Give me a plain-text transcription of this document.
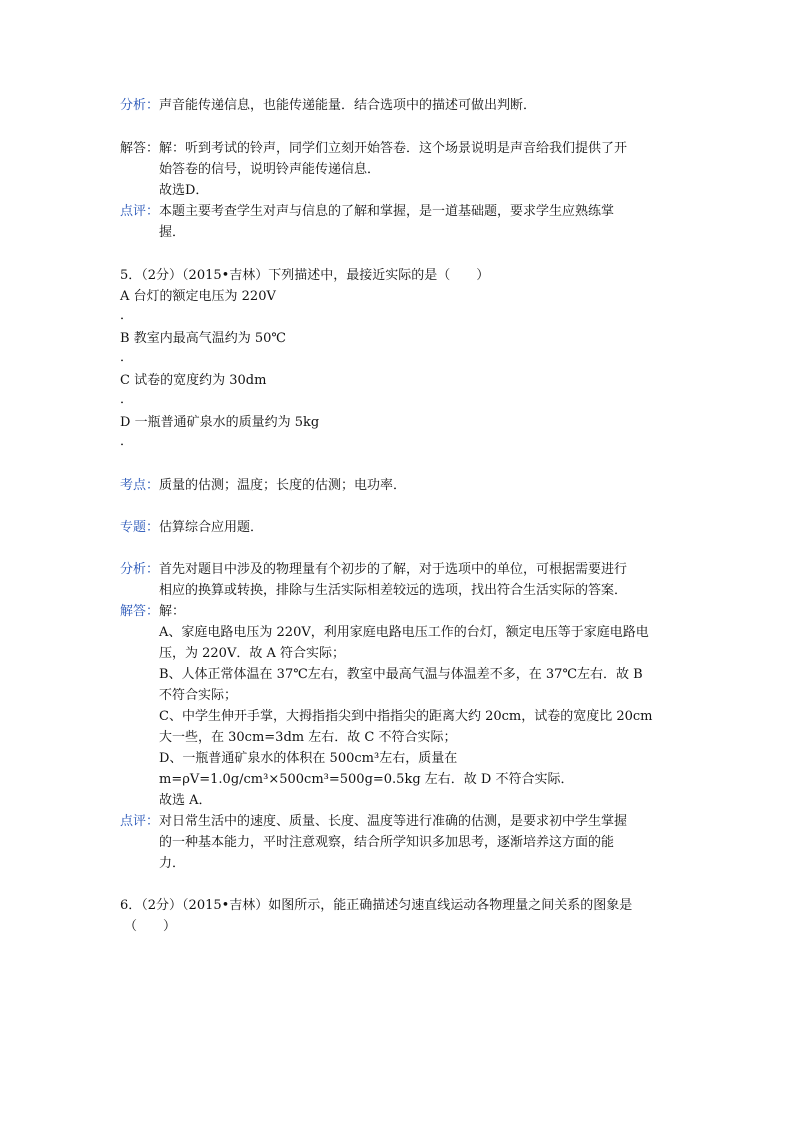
分析：声音能传递信息，也能传递能量．结合选项中的描述可做出判断．
解答： 解：听到考试的铃声，同学们立刻开始答卷．这个场景说明是声音给我们提供了开
始答卷的信号，说明铃声能传递信息．
故选D．
点评： 本题主要考查学生对声与信息的了解和掌握，是一道基础题，要求学生应熟练掌
握．
5．（2分）（2015•吉林）下列描述中，最接近实际的是（　　）
A 台灯的额定电压为 220V
．
B 教室内最高气温约为 50℃
．
C 试卷的宽度约为 30dm
．
D 一瓶普通矿泉水的质量约为 5kg
．
考点：质量的估测；温度；长度的估测；电功率．
专题：估算综合应用题．
分析： 首先对题目中涉及的物理量有个初步的了解，对于选项中的单位，可根据需要进行
相应的换算或转换，排除与生活实际相差较远的选项，找出符合生活实际的答案．
解答： 解：
A、家庭电路电压为 220V，利用家庭电路电压工作的台灯，额定电压等于家庭电路电
压，为 220V．故 A 符合实际；
B、人体正常体温在 37℃左右，教室中最高气温与体温差不多，在 37℃左右．故 B
不符合实际；
C、中学生伸开手掌，大拇指指尖到中指指尖的距离大约 20cm，试卷的宽度比 20cm
大一些，在 30cm=3dm 左右．故 C 不符合实际；
D、一瓶普通矿泉水的体积在 500cm³左右，质量在
m=ρV=1.0g/cm³×500cm³=500g=0.5kg 左右．故 D 不符合实际．
故选 A．
点评： 对日常生活中的速度、质量、长度、温度等进行准确的估测，是要求初中学生掌握
的一种基本能力，平时注意观察，结合所学知识多加思考，逐渐培养这方面的能
力．
6．（2分）（2015•吉林）如图所示，能正确描述匀速直线运动各物理量之间关系的图象是
（　　）
